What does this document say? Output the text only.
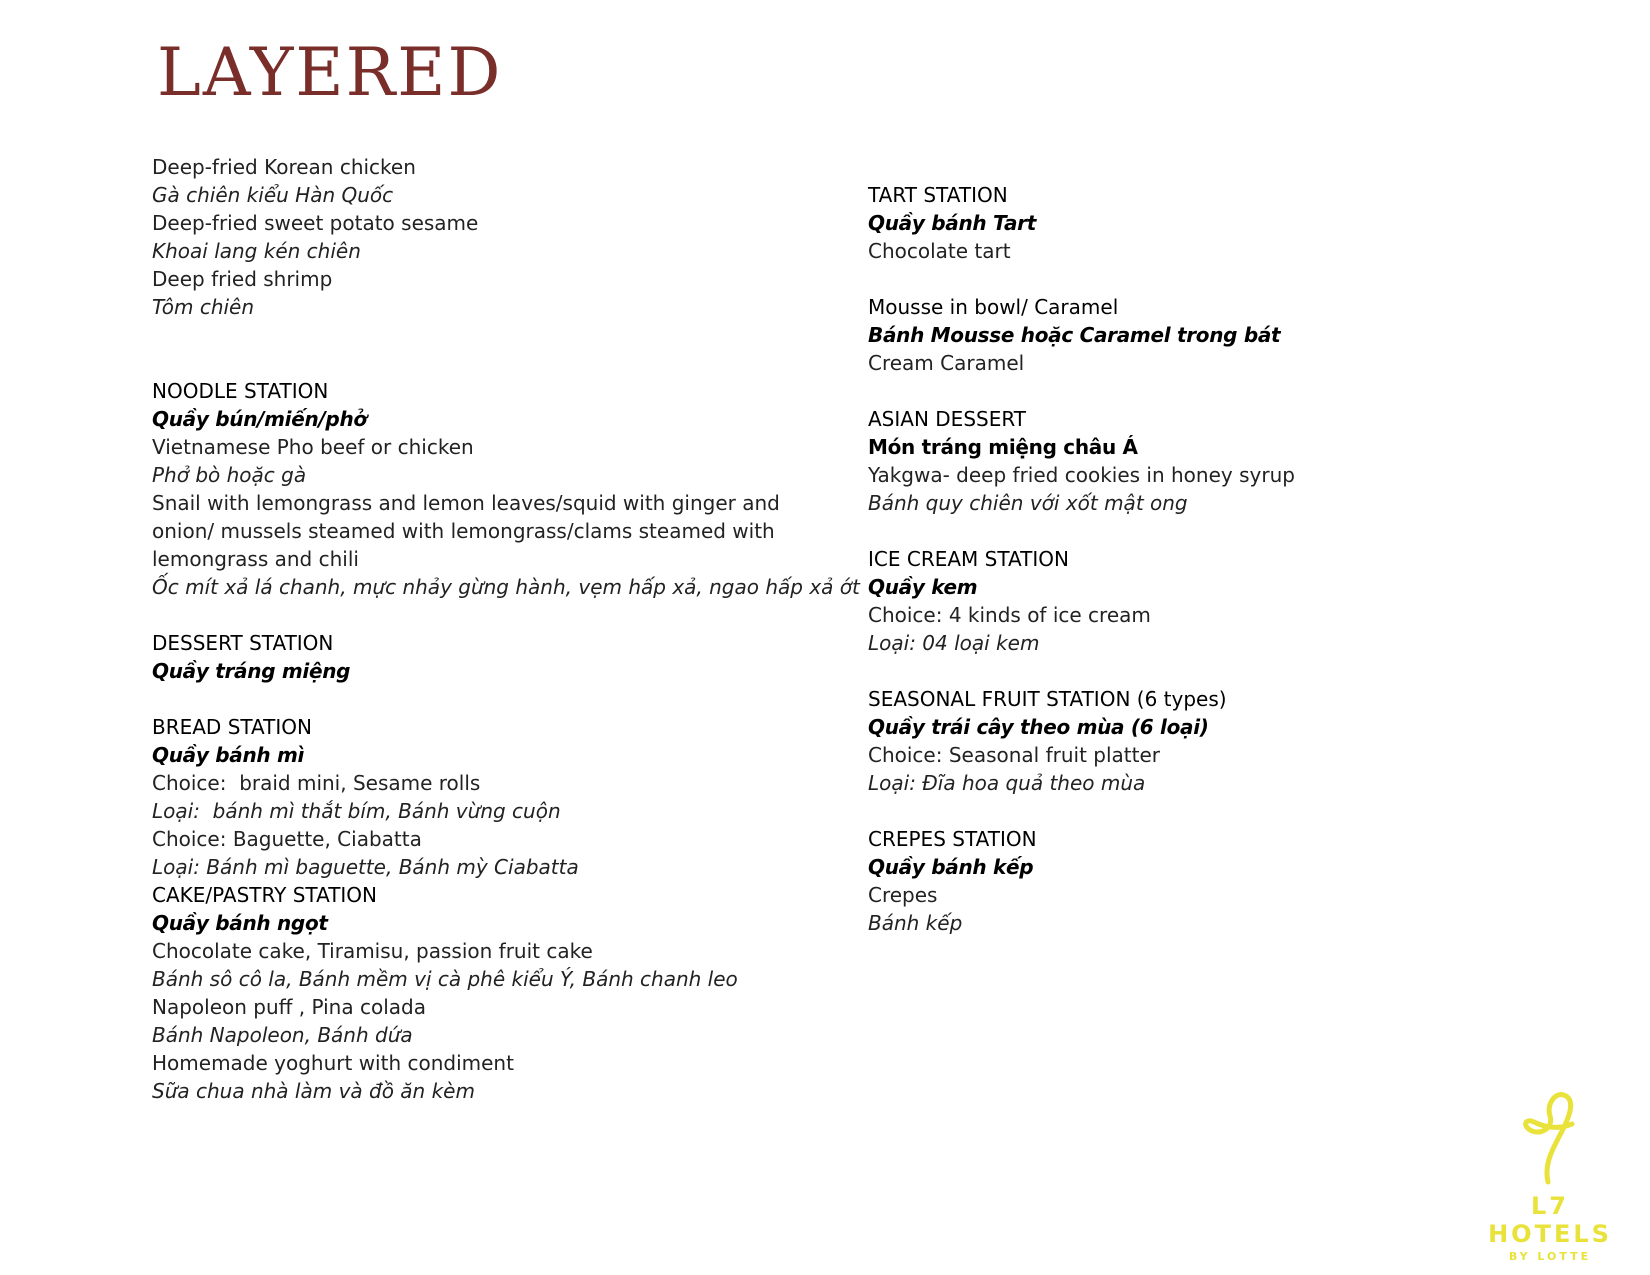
LAYERED
Deep-fried Korean chicken
Gà chiên kiểu Hàn Quốc
Deep-fried sweet potato sesame
Khoai lang kén chiên
Deep fried shrimp
Tôm chiên
NOODLE STATION
Quầy bún/miến/phở
Vietnamese Pho beef or chicken
Phở bò hoặc gà
Snail with lemongrass and lemon leaves/squid with ginger and onion/ mussels steamed with lemongrass/clams steamed with lemongrass and chili
Ốc mít xả lá chanh, mực nhảy gừng hành, vẹm hấp xả, ngao hấp xả ớt
DESSERT STATION
Quầy tráng miệng
BREAD STATION
Quầy bánh mì
Choice:  braid mini, Sesame rolls
Loại:  bánh mì thắt bím, Bánh vừng cuộn
Choice: Baguette, Ciabatta
Loại: Bánh mì baguette, Bánh mỳ Ciabatta
CAKE/PASTRY STATION
Quầy bánh ngọt
Chocolate cake, Tiramisu, passion fruit cake
Bánh sô cô la, Bánh mềm vị cà phê kiểu Ý, Bánh chanh leo
Napoleon puff , Pina colada
Bánh Napoleon, Bánh dứa
Homemade yoghurt with condiment
Sữa chua nhà làm và đồ ăn kèm
TART STATION
Quầy bánh Tart
Chocolate tart
Mousse in bowl/ Caramel
Bánh Mousse hoặc Caramel trong bát
Cream Caramel
ASIAN DESSERT
Món tráng miệng châu Á
Yakgwa- deep fried cookies in honey syrup
Bánh quy chiên với xốt mật ong
ICE CREAM STATION
Quầy kem
Choice: 4 kinds of ice cream
Loại: 04 loại kem
SEASONAL FRUIT STATION (6 types)
Quầy trái cây theo mùa (6 loại)
Choice: Seasonal fruit platter
Loại: Đĩa hoa quả theo mùa
CREPES STATION
Quầy bánh kếp
Crepes
Bánh kếp
L7 HOTELS
BY LOTTE
